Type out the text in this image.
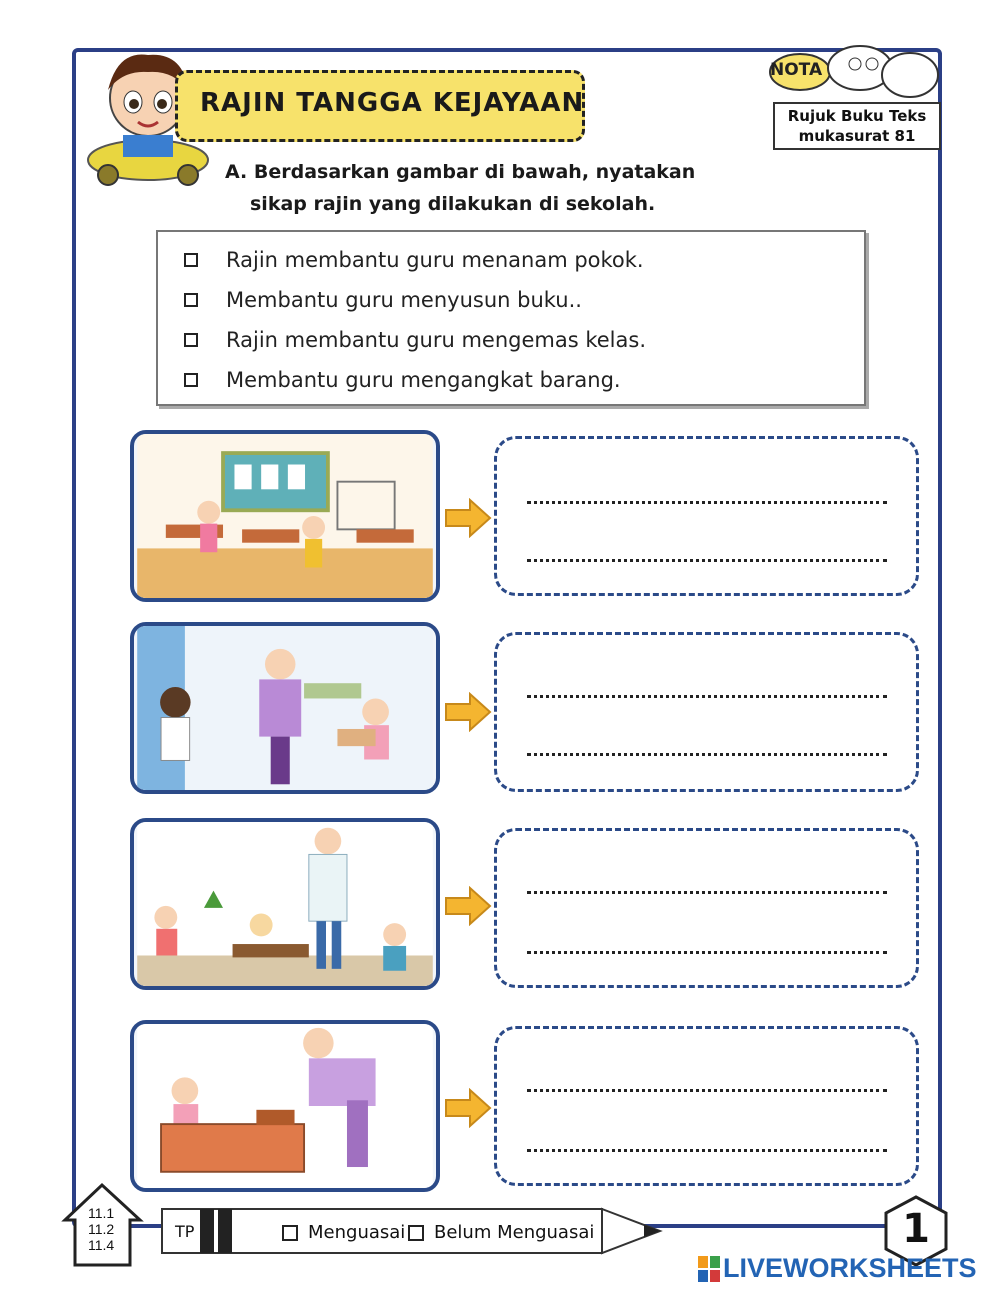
RAJIN TANGGA KEJAYAAN
NOTA
Rujuk Buku Teks
mukasurat 81
A. Berdasarkan gambar di bawah, nyatakan
sikap rajin yang dilakukan di sekolah.
Rajin membantu guru menanam pokok.
Membantu guru menyusun buku..
Rajin membantu guru mengemas kelas.
Membantu guru mengangkat barang.
11.1
11.2
11.4
TP	Menguasai Belum Menguasai	1
LIVEWORKSHEETS
